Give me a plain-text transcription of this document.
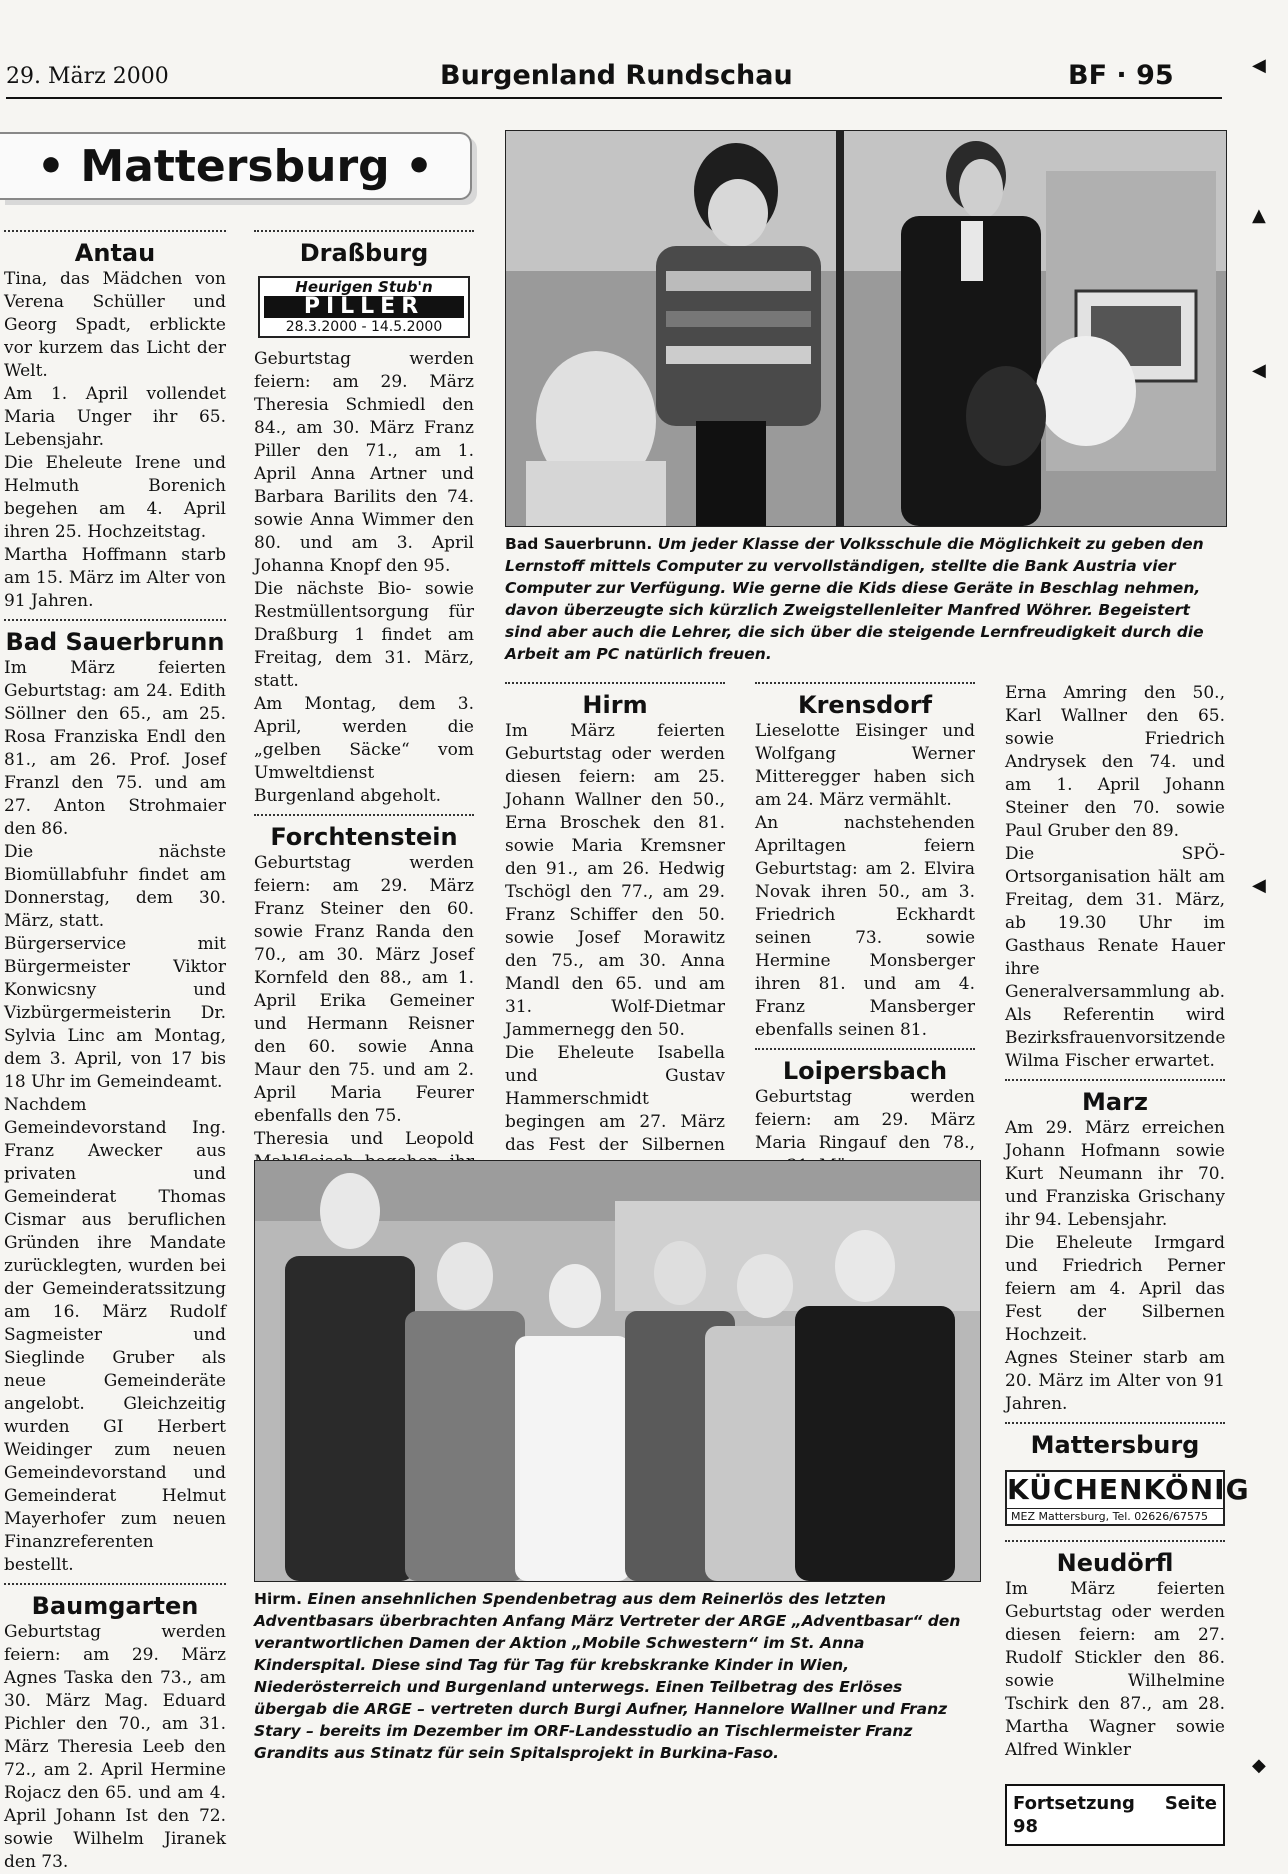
29. März 2000	Burgenland Rundschau	BF · 95
• Mattersburg •
Antau

Tina, das Mädchen von Verena Schüller und Georg Spadt, erblickte vor kurzem das Licht der Welt.
Am 1. April vollendet Maria Unger ihr 65. Lebensjahr.
Die Eheleute Irene und Helmuth Borenich begehen am 4. April ihren 25. Hochzeitstag.
Martha Hoffmann starb am 15. März im Alter von 91 Jahren.

Bad Sauerbrunn

Im März feierten Geburtstag: am 24. Edith Söllner den 65., am 25. Rosa Franziska Endl den 81., am 26. Prof. Josef Franzl den 75. und am 27. Anton Strohmaier den 86.
Die nächste Biomüllabfuhr findet am Donnerstag, dem 30. März, statt.
Bürgerservice mit Bürgermeister Viktor Konwicsny und Vizbürgermeisterin Dr. Sylvia Linc am Montag, dem 3. April, von 17 bis 18 Uhr im Gemeindeamt.
Nachdem Gemeindevorstand Ing. Franz Awecker aus privaten und Gemeinderat Thomas Cismar aus beruflichen Gründen ihre Mandate zurücklegten, wurden bei der Gemeinderatssitzung am 16. März Rudolf Sagmeister und Sieglinde Gruber als neue Gemeinderäte angelobt. Gleichzeitig wurden GI Herbert Weidinger zum neuen Gemeindevorstand und Gemeinderat Helmut Mayerhofer zum neuen Finanzreferenten bestellt.

Baumgarten

Geburtstag werden feiern: am 29. März Agnes Taska den 73., am 30. März Mag. Eduard Pichler den 70., am 31. März Theresia Leeb den 72., am 2. April Hermine Rojacz den 65. und am 4. April Johann Ist den 72. sowie Wilhelm Jiranek den 73.

Draßburg
Heurigen Stub'n
PILLER
28.3.2000 - 14.5.2000

Geburtstag werden feiern: am 29. März Theresia Schmiedl den 84., am 30. März Franz Piller den 71., am 1. April Anna Artner und Barbara Barilits den 74. sowie Anna Wimmer den 80. und am 3. April Johanna Knopf den 95.
Die nächste Bio- sowie Restmüllentsorgung für Draßburg 1 findet am Freitag, dem 31. März, statt.
Am Montag, dem 3. April, werden die „gelben Säcke“ vom Umweltdienst Burgenland abgeholt.

Forchtenstein

Geburtstag werden feiern: am 29. März Franz Steiner den 60. sowie Franz Randa den 70., am 30. März Josef Kornfeld den 88., am 1. April Erika Gemeiner und Hermann Reisner den 60. sowie Anna Maur den 75. und am 2. April Maria Feurer ebenfalls den 75.
Theresia und Leopold

Bad Sauerbrunn. Um jeder Klasse der Volksschule die Möglichkeit zu geben den Lernstoff mittels Computer zu vervollständigen, stellte die Bank Austria vier Computer zur Verfügung. Wie gerne die Kids diese Geräte in Beschlag nehmen, davon überzeugte sich kürzlich Zweigstellenleiter Manfred Wöhrer. Begeistert sind aber auch die Lehrer, die sich über die steigende Lernfreudigkeit durch die Arbeit am PC natürlich freuen.
Hirm

Im März feierten Geburtstag oder werden diesen feiern: am 25. Johann Wallner den 50., Erna Broschek den 81. sowie Maria Kremsner den 91., am 26. Hedwig Tschögl den 77., am 29. Franz Schiffer den 50. sowie Josef Morawitz den 75., am 30. Anna Mandl den 65. und am 31. Wolf-Dietmar Jammernegg den 50.
Die Eheleute Isabella und Gustav Hammerschmidt begingen am 27. März das Fest der Silbernen

Krensdorf

Lieselotte Eisinger und Wolfgang Werner Mitteregger haben sich am 24. März vermählt.
An nachstehenden Apriltagen feiern Geburtstag: am 2. Elvira Novak ihren 50., am 3. Friedrich Eckhardt seinen 73. sowie Hermine Monsberger ihren 81. und am 4. Franz Mansberger ebenfalls seinen 81.

Loipersbach

Geburtstag werden feiern: am 29. März Maria Ringauf den 78.,

Erna Amring den 50., Karl Wallner den 65. sowie Friedrich Andrysek den 74. und am 1. April Johann Steiner den 70. sowie Paul Gruber den 89.
Die SPÖ-Ortsorganisation hält am Freitag, dem 31. März, ab 19.30 Uhr im Gasthaus Renate Hauer ihre Generalversammlung ab. Als Referentin wird Bezirksfrauenvorsitzende Wilma Fischer erwartet.

Marz

Am 29. März erreichen Johann Hofmann sowie Kurt Neumann ihr 70. und Franziska Grischany ihr 94. Lebensjahr.
Die Eheleute Irmgard und Friedrich Perner feiern am 4. April das Fest der Silbernen Hochzeit.
Agnes Steiner starb am 20. März im Alter von 91 Jahren.

Mattersburg
KÜCHENKÖNIG
MEZ Mattersburg, Tel. 02626/67575
Neudörfl

Im März feierten Geburtstag oder werden diesen feiern: am 27. Rudolf Stickler den 86. sowie Wilhelmine Tschirk den 87., am 28. Martha Wagner sowie Alfred Winkler

Fortsetzung Seite 98
Hirm. Einen ansehnlichen Spendenbetrag aus dem Reinerlös des letzten Adventbasars überbrachten Anfang März Vertreter der ARGE „Adventbasar“ den verantwortlichen Damen der Aktion „Mobile Schwestern“ im St. Anna Kinderspital. Diese sind Tag für Tag für krebskranke Kinder in Wien, Niederösterreich und Burgenland unterwegs. Einen Teilbetrag des Erlöses übergab die ARGE – vertreten durch Burgi Aufner, Hannelore Wallner und Franz Stary – bereits im Dezember im ORF-Landesstudio an Tischlermeister Franz Grandits aus Stinatz für sein Spitalsprojekt in Burkina-Faso.
◀
▲
◀
◀
◆
